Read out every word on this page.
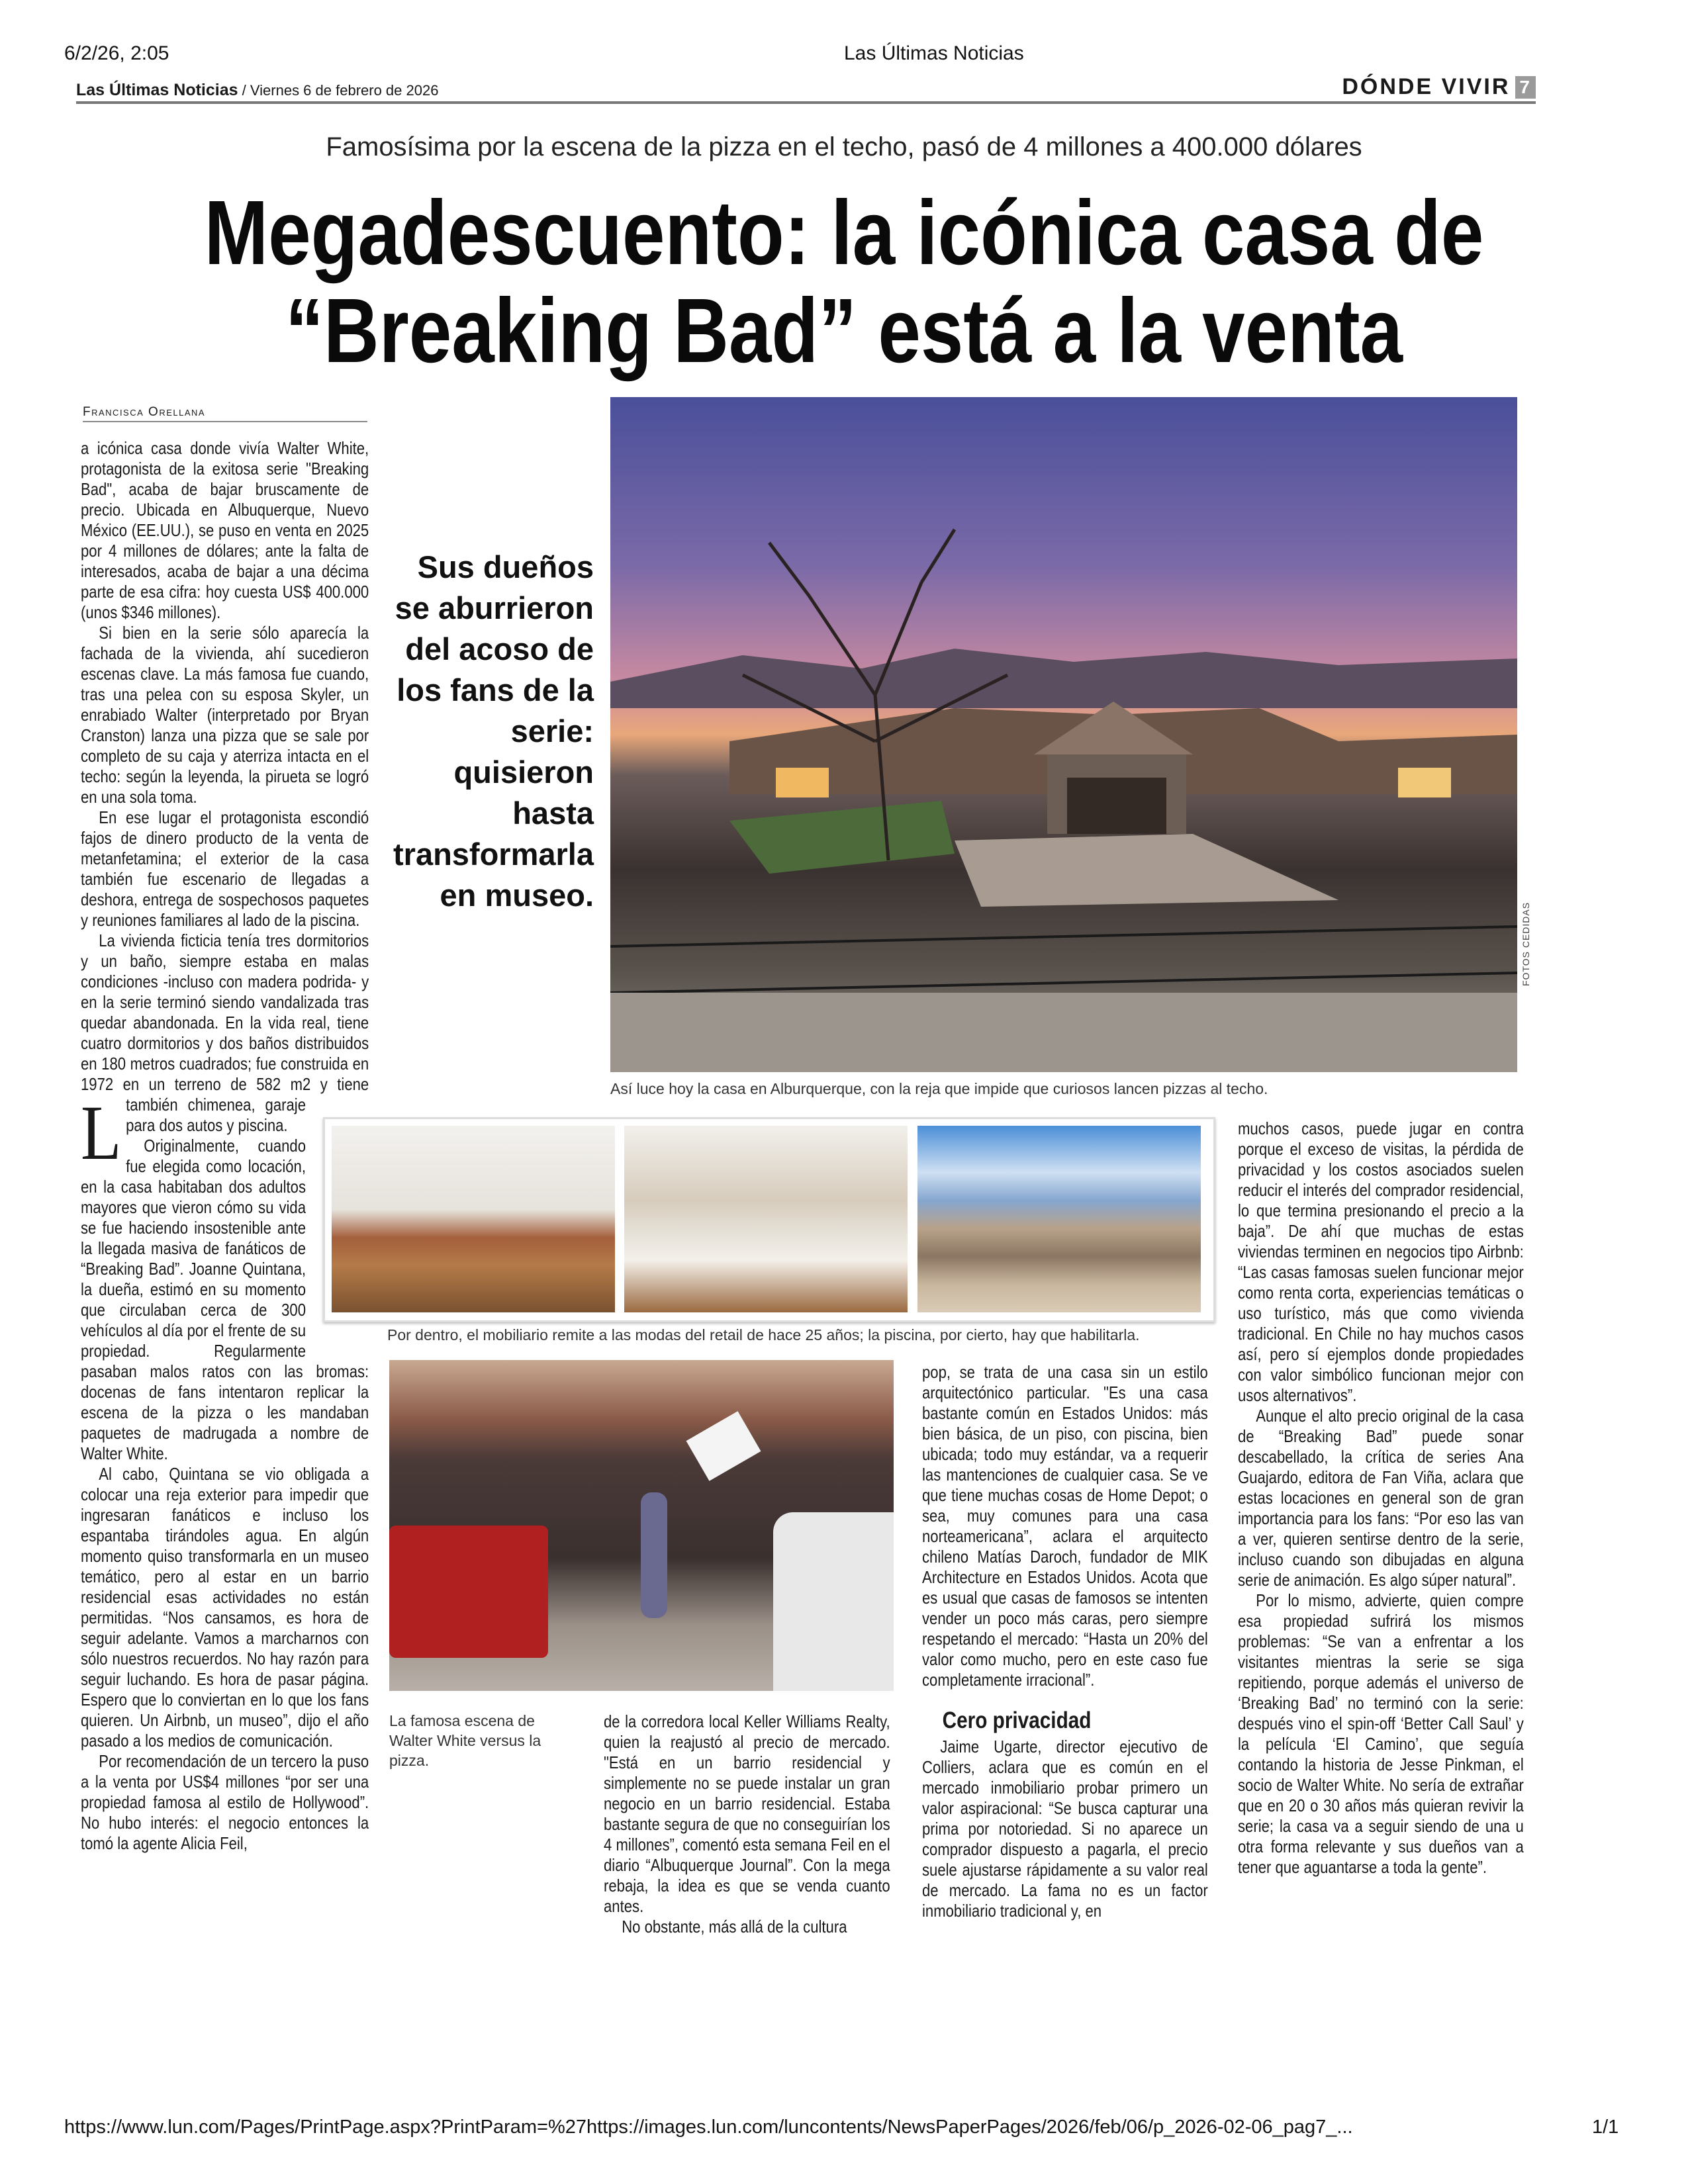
6/2/26, 2:05	Las Últimas Noticias
Las Últimas Noticias / Viernes 6 de febrero de 2026	DÓNDE VIVIR 7
Famosísima por la escena de la pizza en el techo, pasó de 4 millones a 400.000 dólares
Megadescuento: la icónica casa de
“Breaking Bad” está a la venta
Francisca Orellana
FOTOS CEDIDAS
Así luce hoy la casa en Alburquerque, con la reja que impide que curiosos lancen pizzas al techo.
Sus dueños se aburrieron del acoso de los fans de la serie: quisieron hasta transformarla en museo.
Por dentro, el mobiliario remite a las modas del retail de hace 25 años; la piscina, por cierto, hay que habilitarla.
La famosa escena de Walter White versus la pizza.

L
a icónica casa donde vivía Walter White, protagonista de la exitosa serie "Breaking Bad", acaba de bajar bruscamente de precio. Ubicada en Albuquerque, Nuevo México (EE.UU.), se puso en venta en 2025 por 4 millones de dólares; ante la falta de interesados, acaba de bajar a una décima parte de esa cifra: hoy cuesta US$ 400.000 (unos $346 millones).

Si bien en la serie sólo aparecía la fachada de la vivienda, ahí sucedieron escenas clave. La más famosa fue cuando, tras una pelea con su esposa Skyler, un enrabiado Walter (interpretado por Bryan Cranston) lanza una pizza que se sale por completo de su caja y aterriza intacta en el techo: según la leyenda, la pirueta se logró en una sola toma.

En ese lugar el protagonista escondió fajos de dinero producto de la venta de metanfetamina; el exterior de la casa también fue escenario de llegadas a deshora, entrega de sospechosos paquetes y reuniones familiares al lado de la piscina.

La vivienda ficticia tenía tres dormitorios y un baño, siempre estaba en malas condiciones -incluso con madera podrida- y en la serie terminó siendo vandalizada tras quedar abandonada. En la vida real, tiene cuatro dormitorios y dos baños distribuidos en 180 metros cuadrados; fue construida en 1972 en un terreno de 582 m2 y tiene también chimenea, garaje para dos autos y piscina.

Originalmente, cuando fue elegida como locación, en la casa habitaban dos adultos mayores que vieron cómo su vida se fue haciendo insostenible ante la llegada masiva de fanáticos de “Breaking Bad”. Joanne Quintana, la dueña, estimó en su momento que circulaban cerca de 300 vehículos al día por el frente de su propiedad. Regularmente pasaban malos ratos con las bromas: docenas de fans intentaron replicar la escena de la pizza o les mandaban paquetes de madrugada a nombre de Walter White.

Al cabo, Quintana se vio obligada a colocar una reja exterior para impedir que ingresaran fanáticos e incluso los espantaba tirándoles agua. En algún momento quiso transformarla en un museo temático, pero al estar en un barrio residencial esas actividades no están permitidas. “Nos cansamos, es hora de seguir adelante. Vamos a marcharnos con sólo nuestros recuerdos. No hay razón para seguir luchando. Es hora de pasar página. Espero que lo conviertan en lo que los fans quieren. Un Airbnb, un museo”, dijo el año pasado a los medios de comunicación.

Por recomendación de un tercero la puso a la venta por US$4 millones “por ser una propiedad famosa al estilo de Hollywood”. No hubo interés: el negocio entonces la tomó la agente Alicia Feil,

de la corredora local Keller Williams Realty, quien la reajustó al precio de mercado. "Está en un barrio residencial y simplemente no se puede instalar un gran negocio en un barrio residencial. Estaba bastante segura de que no conseguirían los 4 millones”, comentó esta semana Feil en el diario “Albuquerque Journal”. Con la mega rebaja, la idea es que se venda cuanto antes.

No obstante, más allá de la cultura

pop, se trata de una casa sin un estilo arquitectónico particular. "Es una casa bastante común en Estados Unidos: más bien básica, de un piso, con piscina, bien ubicada; todo muy estándar, va a requerir las mantenciones de cualquier casa. Se ve que tiene muchas cosas de Home Depot; o sea, muy comunes para una casa norteamericana”, aclara el arquitecto chileno Matías Daroch, fundador de MIK Architecture en Estados Unidos. Acota que es usual que casas de famosos se intenten vender un poco más caras, pero siempre respetando el mercado: “Hasta un 20% del valor como mucho, pero en este caso fue completamente irracional”.

Cero privacidad

Jaime Ugarte, director ejecutivo de Colliers, aclara que es común en el mercado inmobiliario probar primero un valor aspiracional: “Se busca capturar una prima por notoriedad. Si no aparece un comprador dispuesto a pagarla, el precio suele ajustarse rápidamente a su valor real de mercado. La fama no es un factor inmobiliario tradicional y, en

muchos casos, puede jugar en contra porque el exceso de visitas, la pérdida de privacidad y los costos asociados suelen reducir el interés del comprador residencial, lo que termina presionando el precio a la baja”. De ahí que muchas de estas viviendas terminen en negocios tipo Airbnb: “Las casas famosas suelen funcionar mejor como renta corta, experiencias temáticas o uso turístico, más que como vivienda tradicional. En Chile no hay muchos casos así, pero sí ejemplos donde propiedades con valor simbólico funcionan mejor con usos alternativos”.

Aunque el alto precio original de la casa de “Breaking Bad” puede sonar descabellado, la crítica de series Ana Guajardo, editora de Fan Viña, aclara que estas locaciones en general son de gran importancia para los fans: “Por eso las van a ver, quieren sentirse dentro de la serie, incluso cuando son dibujadas en alguna serie de animación. Es algo súper natural”.

Por lo mismo, advierte, quien compre esa propiedad sufrirá los mismos problemas: “Se van a enfrentar a los visitantes mientras la serie se siga repitiendo, porque además el universo de ‘Breaking Bad’ no terminó con la serie: después vino el spin-off ‘Better Call Saul’ y la película ‘El Camino’, que seguía contando la historia de Jesse Pinkman, el socio de Walter White. No sería de extrañar que en 20 o 30 años más quieran revivir la serie; la casa va a seguir siendo de una u otra forma relevante y sus dueños van a tener que aguantarse a toda la gente”.

https://www.lun.com/Pages/PrintPage.aspx?PrintParam=%27https://images.lun.com/luncontents/NewsPaperPages/2026/feb/06/p_2026-02-06_pag7_...	1/1
